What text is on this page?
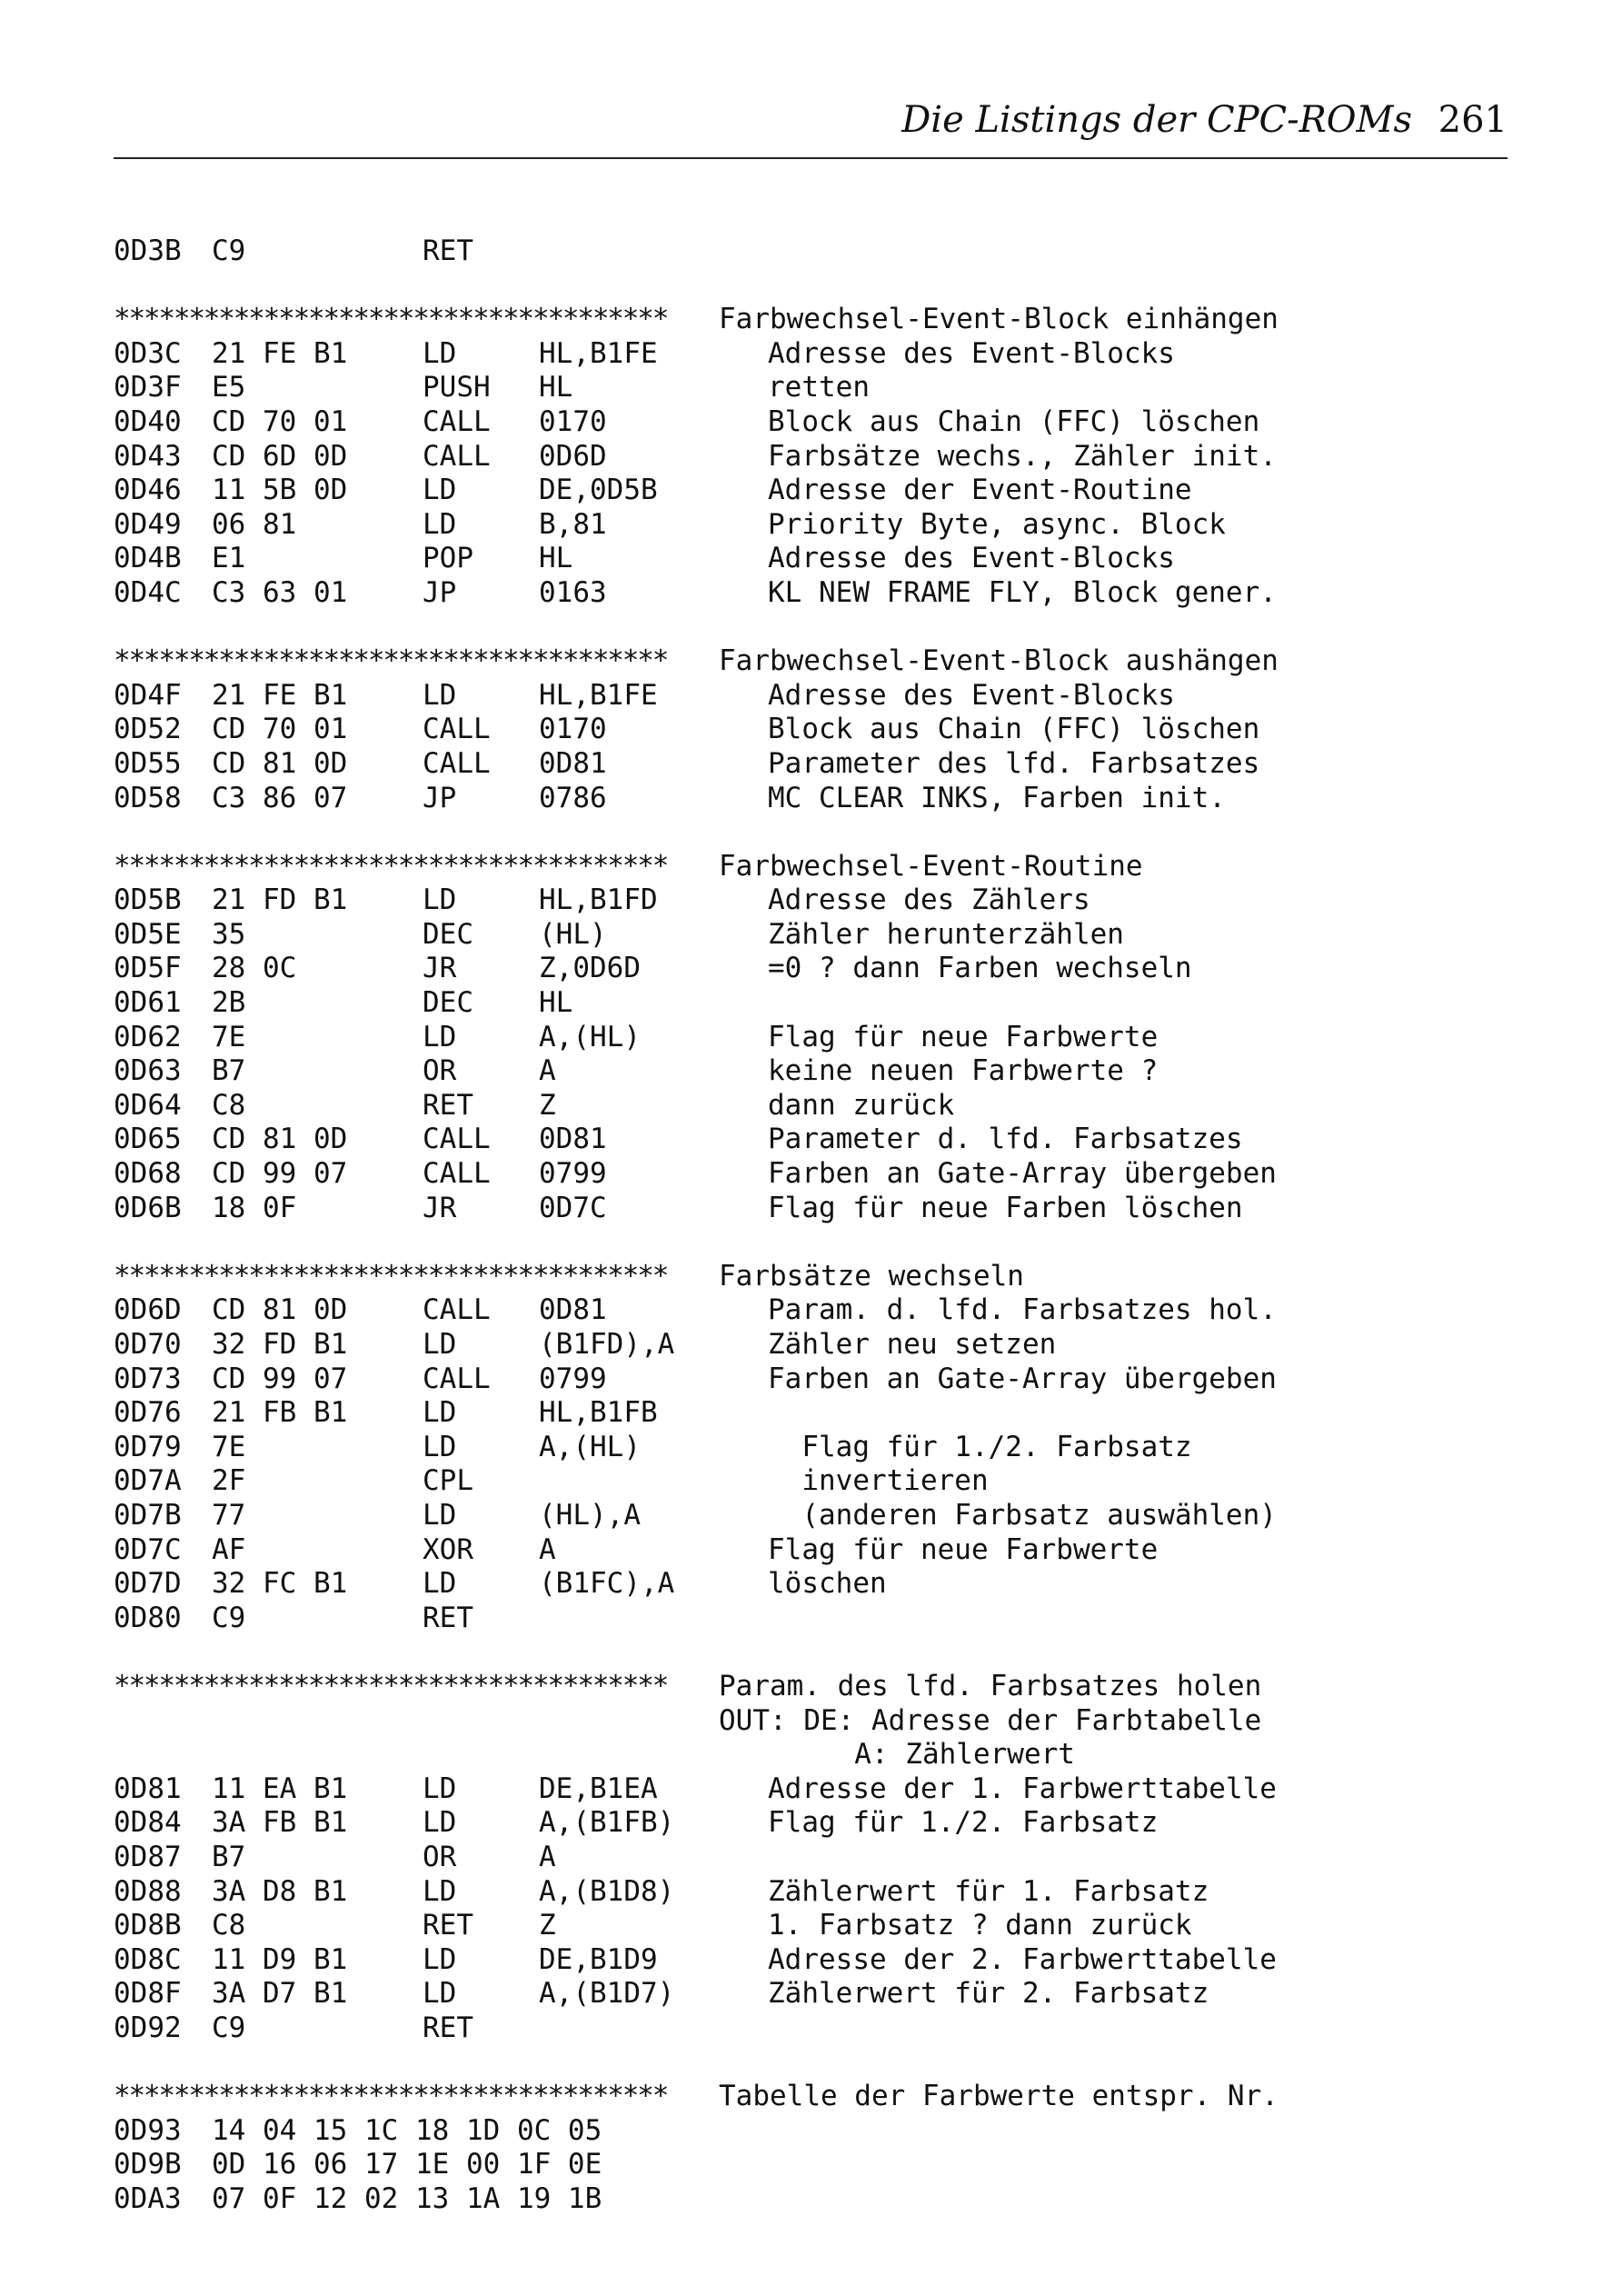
Die Listings der CPC-ROMs 261
0D3B C9	RET
************************************* Farbwechsel-Event-Block einhängen
0D3C 21 FE B1	LD	HL,B1FE	Adresse des Event-Blocks
0D3F E5	PUSH HL	retten
0D40 CD 70 01	CALL 0170	Block aus Chain (FFC) löschen
0D43 CD 6D 0D	CALL 0D6D	Farbsätze wechs., Zähler init.
0D46 11 5B 0D	LD	DE,0D5B	Adresse der Event-Routine
0D49 06 81	LD	B,81	Priority Byte, async. Block
0D4B E1	POP HL	Adresse des Event-Blocks
0D4C C3 63 01	JP	0163	KL NEW FRAME FLY, Block gener.
************************************* Farbwechsel-Event-Block aushängen
0D4F 21 FE B1	LD	HL,B1FE	Adresse des Event-Blocks
0D52 CD 70 01	CALL 0170	Block aus Chain (FFC) löschen
0D55 CD 81 0D	CALL 0D81	Parameter des lfd. Farbsatzes
0D58 C3 86 07	JP	0786	MC CLEAR INKS, Farben init.
************************************* Farbwechsel-Event-Routine
0D5B 21 FD B1	LD	HL,B1FD	Adresse des Zählers
0D5E 35	DEC (HL)	Zähler herunterzählen
0D5F 28 0C	JR	Z,0D6D	=0 ? dann Farben wechseln
0D61 2B	DEC HL
0D62 7E	LD	A,(HL)	Flag für neue Farbwerte
0D63 B7	OR	A	keine neuen Farbwerte ?
0D64 C8	RET Z	dann zurück
0D65 CD 81 0D	CALL 0D81	Parameter d. lfd. Farbsatzes
0D68 CD 99 07	CALL 0799	Farben an Gate-Array übergeben
0D6B 18 0F	JR	0D7C	Flag für neue Farben löschen
************************************* Farbsätze wechseln
0D6D CD 81 0D	CALL 0D81	Param. d. lfd. Farbsatzes hol.
0D70 32 FD B1	LD	(B1FD),A	Zähler neu setzen
0D73 CD 99 07	CALL 0799	Farben an Gate-Array übergeben
0D76 21 FB B1	LD	HL,B1FB
0D79 7E	LD	A,(HL)	Flag für 1./2. Farbsatz
0D7A 2F	CPL	invertieren
0D7B 77	LD	(HL),A	(anderen Farbsatz auswählen)
0D7C AF	XOR A	Flag für neue Farbwerte
0D7D 32 FC B1	LD	(B1FC),A	löschen
0D80 C9	RET
************************************* Param. des lfd. Farbsatzes holen
OUT: DE: Adresse der Farbtabelle
A: Zählerwert
0D81 11 EA B1	LD	DE,B1EA	Adresse der 1. Farbwerttabelle
0D84 3A FB B1	LD	A,(B1FB)	Flag für 1./2. Farbsatz
0D87 B7	OR	A
0D88 3A D8 B1	LD	A,(B1D8)	Zählerwert für 1. Farbsatz
0D8B C8	RET Z	1. Farbsatz ? dann zurück
0D8C 11 D9 B1	LD	DE,B1D9	Adresse der 2. Farbwerttabelle
0D8F 3A D7 B1	LD	A,(B1D7)	Zählerwert für 2. Farbsatz
0D92 C9	RET
************************************* Tabelle der Farbwerte entspr. Nr.
0D93 14 04 15 1C 18 1D 0C 05
0D9B 0D 16 06 17 1E 00 1F 0E
0DA3 07 0F 12 02 13 1A 19 1B
